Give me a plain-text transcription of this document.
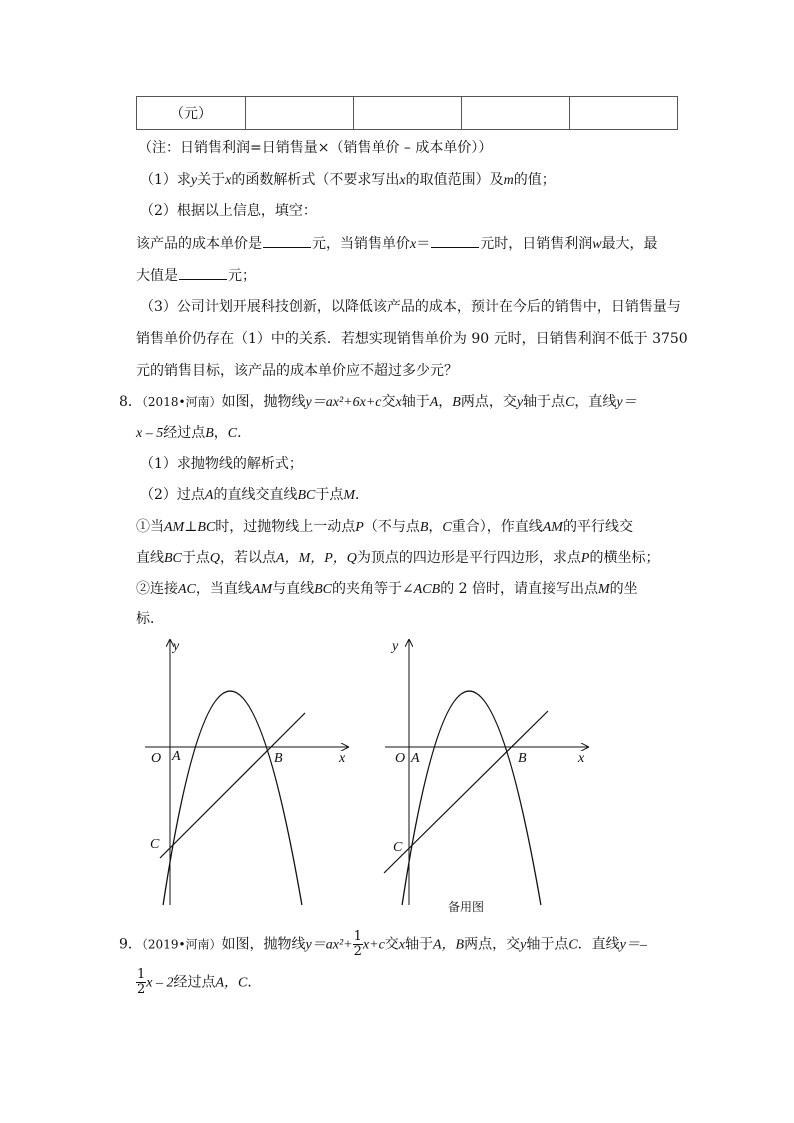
（元）				
（注：日销售利润=日销售量×（销售单价 – 成本单价））
（1）求y关于x的函数解析式（不要求写出x的取值范围）及m的值；
（2）根据以上信息，填空：
该产品的成本单价是	元，当销售单价x＝	元时，日销售利润w最大，最
大值是	元；
（3）公司计划开展科技创新，以降低该产品的成本，预计在今后的销售中，日销售量与
销售单价仍存在（1）中的关系．若想实现销售单价为 90 元时，日销售利润不低于 3750
元的销售目标，该产品的成本单价应不超过多少元？
8．（2018•河南）如图，抛物线y＝ax²+6x+c交x轴于A，B两点，交y轴于点C，直线y＝
x – 5经过点B，C．
（1）求抛物线的解析式；
（2）过点A的直线交直线BC于点M．
①当AM⊥BC时，过抛物线上一动点P（不与点B，C重合），作直线AM的平行线交
直线BC于点Q，若以点A，M，P，Q为顶点的四边形是平行四边形，求点P的横坐标；
②连接AC，当直线AM与直线BC的夹角等于∠ACB的 2 倍时，请直接写出点M的坐
标．
y
x
O A	B
C
y
x
O A	B
C
备用图
9．（2019•河南）如图，抛物线$y=ax^2+ \frac{1}{2} x+c$交x轴于A，B两点，交y轴于点C．直线y＝–
$\frac{1}{2}$ x – 2经过点A，C．
